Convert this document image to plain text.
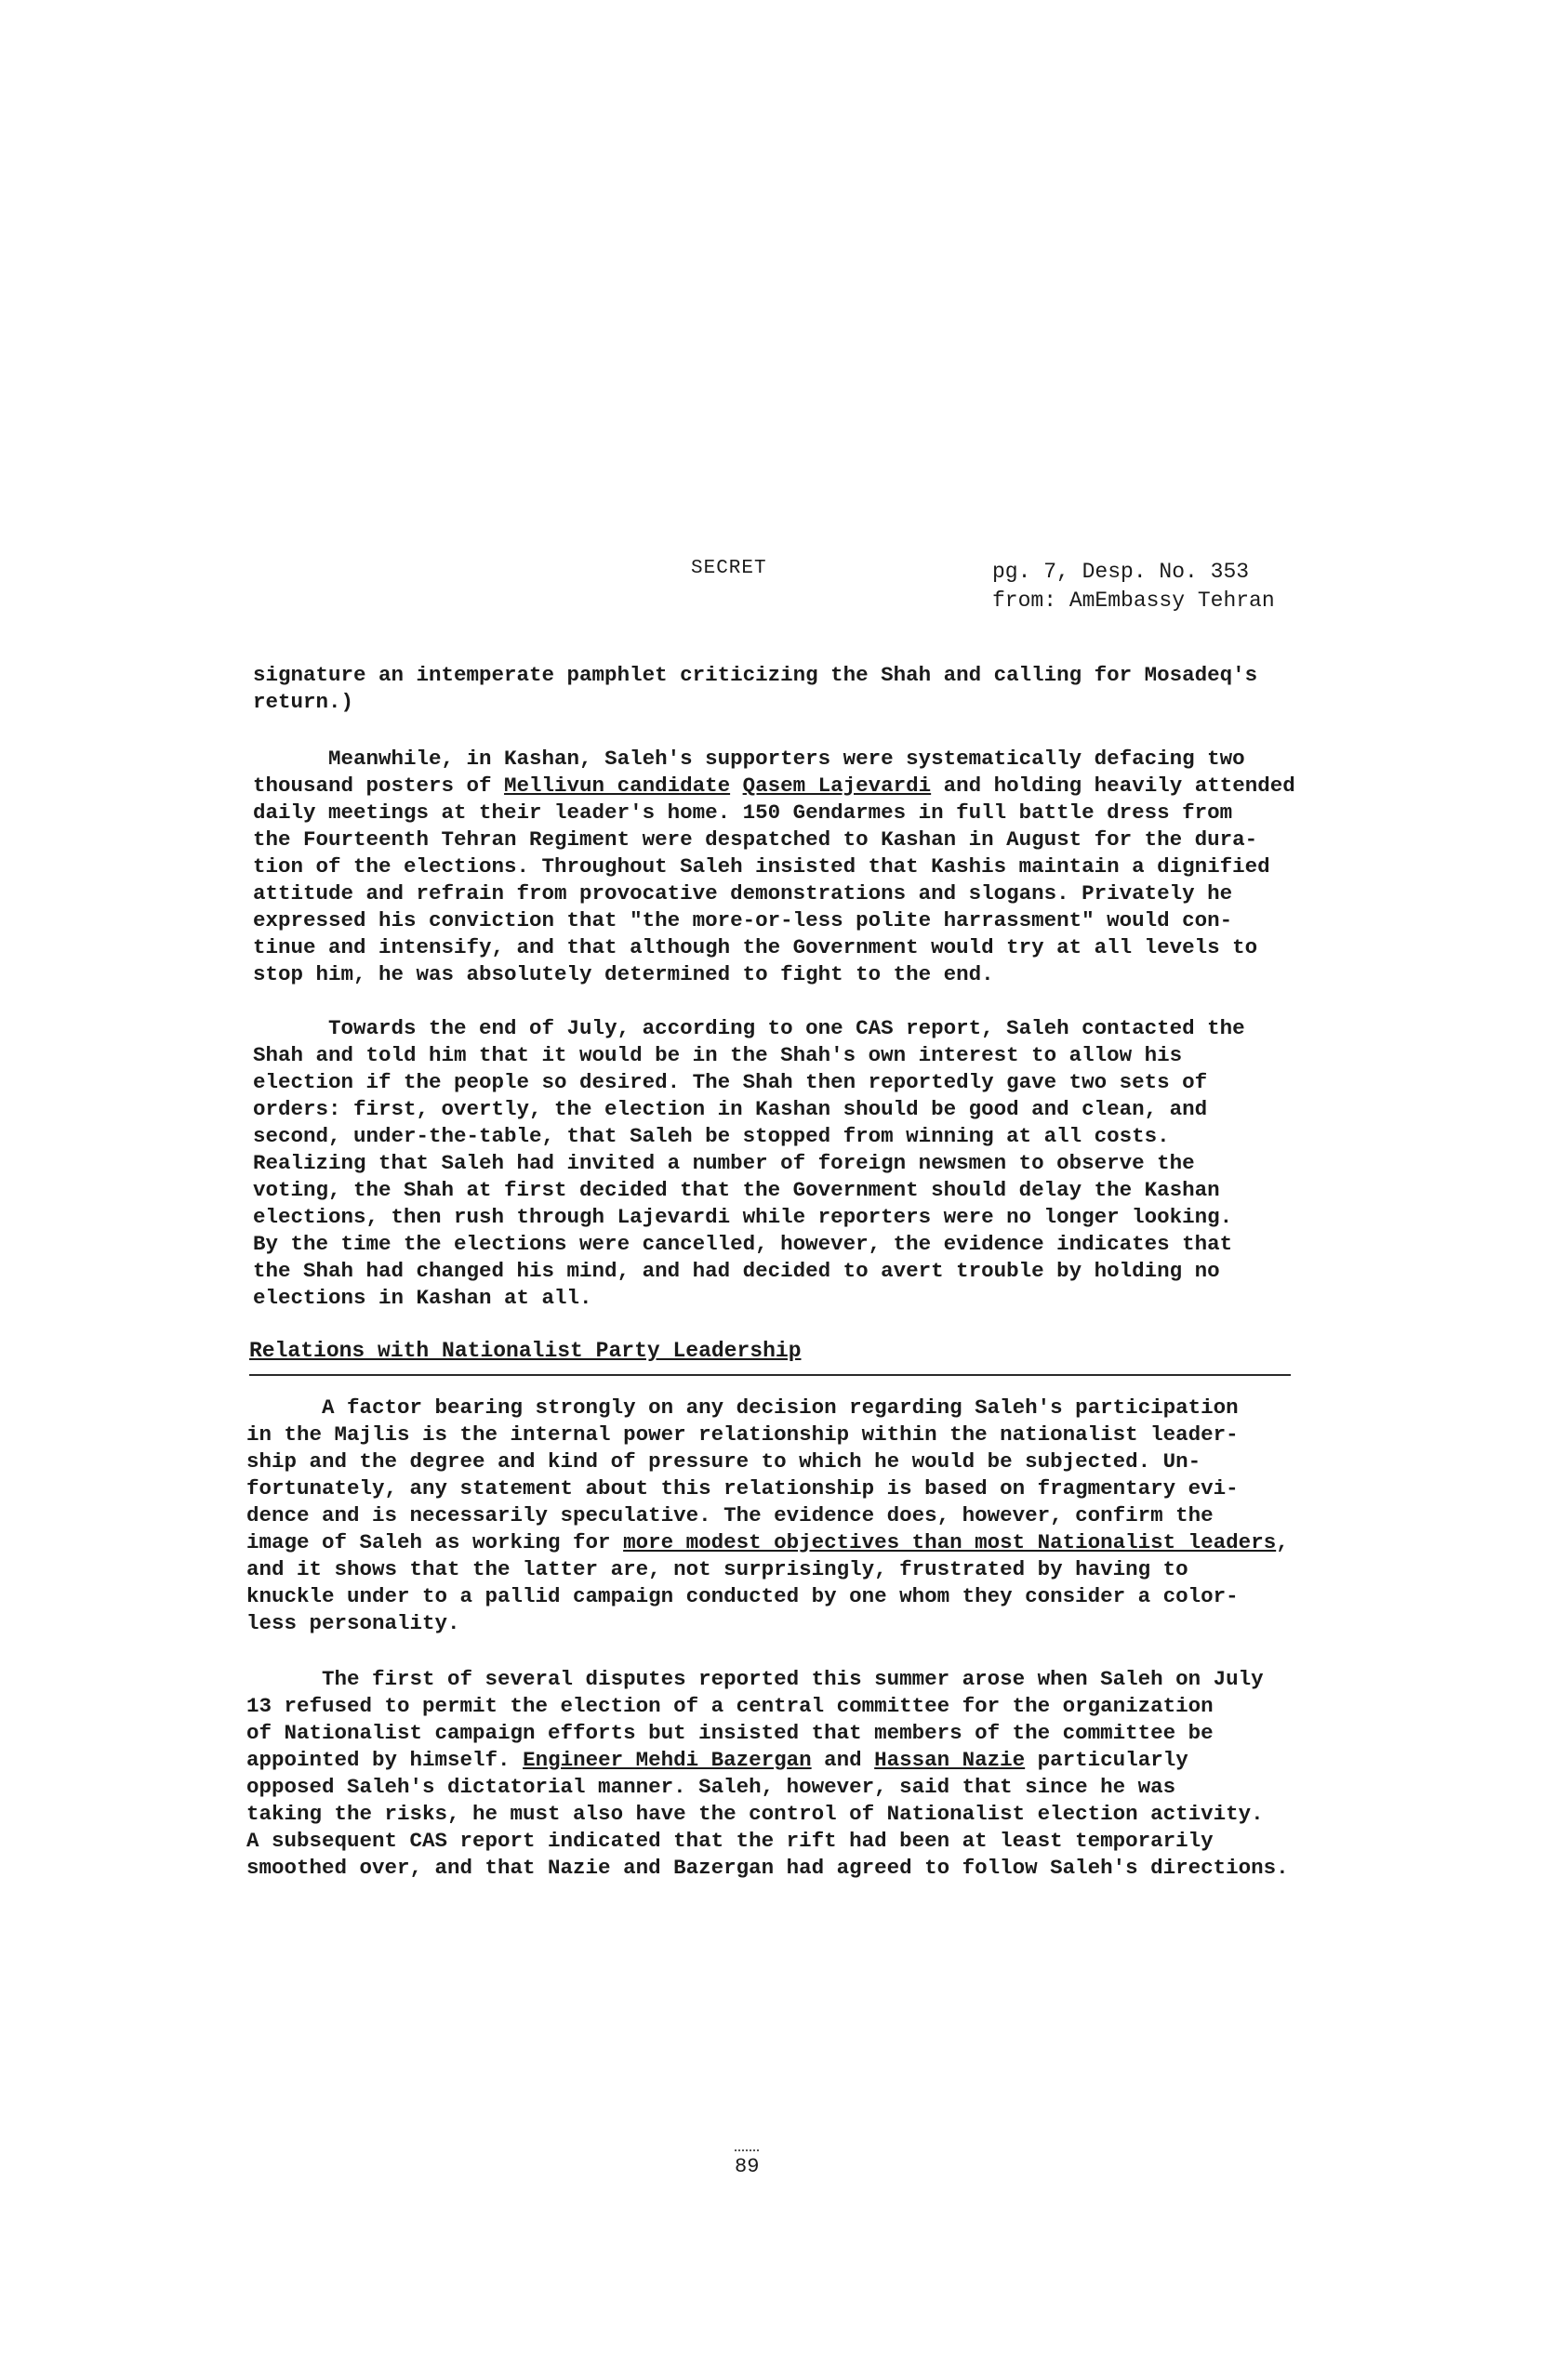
SECRET	pg. 7, Desp. No. 353
from: AmEmbassy Tehran
signature an intemperate pamphlet criticizing the Shah and calling for Mosadeq's
return.)
Meanwhile, in Kashan, Saleh's supporters were systematically defacing two
thousand posters of Mellivun candidate Qasem Lajevardi and holding heavily attended
daily meetings at their leader's home. 150 Gendarmes in full battle dress from
the Fourteenth Tehran Regiment were despatched to Kashan in August for the dura-
tion of the elections. Throughout Saleh insisted that Kashis maintain a dignified
attitude and refrain from provocative demonstrations and slogans. Privately he
expressed his conviction that "the more-or-less polite harrassment" would con-
tinue and intensify, and that although the Government would try at all levels to
stop him, he was absolutely determined to fight to the end.
Towards the end of July, according to one CAS report, Saleh contacted the
Shah and told him that it would be in the Shah's own interest to allow his
election if the people so desired. The Shah then reportedly gave two sets of
orders: first, overtly, the election in Kashan should be good and clean, and
second, under-the-table, that Saleh be stopped from winning at all costs.
Realizing that Saleh had invited a number of foreign newsmen to observe the
voting, the Shah at first decided that the Government should delay the Kashan
elections, then rush through Lajevardi while reporters were no longer looking.
By the time the elections were cancelled, however, the evidence indicates that
the Shah had changed his mind, and had decided to avert trouble by holding no
elections in Kashan at all.
Relations with Nationalist Party Leadership
A factor bearing strongly on any decision regarding Saleh's participation
in the Majlis is the internal power relationship within the nationalist leader-
ship and the degree and kind of pressure to which he would be subjected. Un-
fortunately, any statement about this relationship is based on fragmentary evi-
dence and is necessarily speculative. The evidence does, however, confirm the
image of Saleh as working for more modest objectives than most Nationalist leaders,
and it shows that the latter are, not surprisingly, frustrated by having to
knuckle under to a pallid campaign conducted by one whom they consider a color-
less personality.
The first of several disputes reported this summer arose when Saleh on July
13 refused to permit the election of a central committee for the organization
of Nationalist campaign efforts but insisted that members of the committee be
appointed by himself. Engineer Mehdi Bazergan and Hassan Nazie particularly
opposed Saleh's dictatorial manner. Saleh, however, said that since he was
taking the risks, he must also have the control of Nationalist election activity.
A subsequent CAS report indicated that the rift had been at least temporarily
smoothed over, and that Nazie and Bazergan had agreed to follow Saleh's directions.
89
